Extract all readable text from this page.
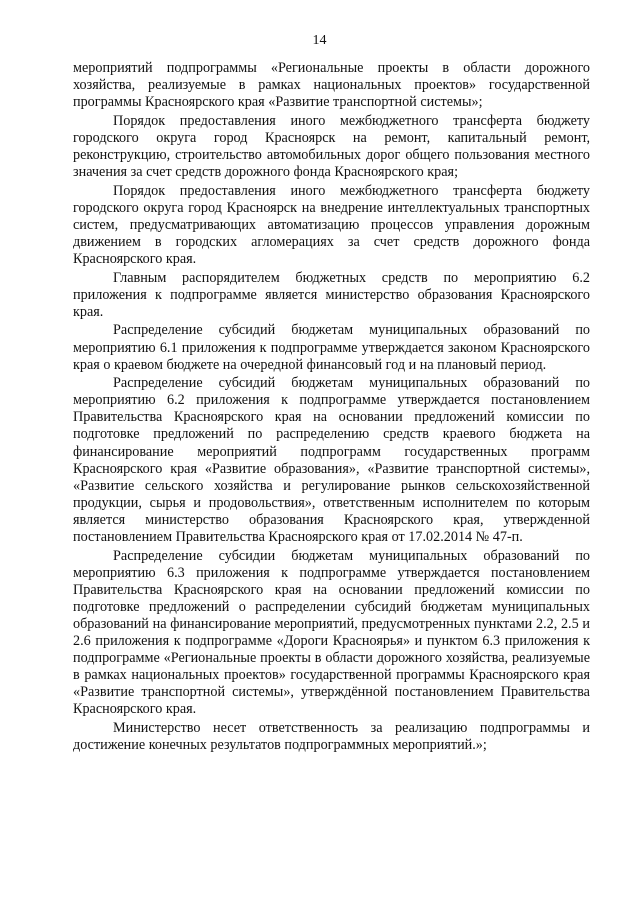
14

мероприятий подпрограммы «Региональные проекты в области дорожного хозяйства, реализуемые в рамках национальных проектов» государственной программы Красноярского края «Развитие транспортной системы»;

Порядок предоставления иного межбюджетного трансферта бюджету городского округа город Красноярск на ремонт, капитальный ремонт, реконструкцию, строительство автомобильных дорог общего пользования местного значения за счет средств дорожного фонда Красноярского края;

Порядок предоставления иного межбюджетного трансферта бюджету городского округа город Красноярск на внедрение интеллектуальных транспортных систем, предусматривающих автоматизацию процессов управления дорожным движением в городских агломерациях за счет средств дорожного фонда Красноярского края.

Главным распорядителем бюджетных средств по мероприятию 6.2 приложения к подпрограмме является министерство образования Красноярского края.

Распределение субсидий бюджетам муниципальных образований по мероприятию 6.1 приложения к подпрограмме утверждается законом Красноярского края о краевом бюджете на очередной финансовый год и на плановый период.

Распределение субсидий бюджетам муниципальных образований по мероприятию 6.2 приложения к подпрограмме утверждается постановлением Правительства Красноярского края на основании предложений комиссии по подготовке предложений по распределению средств краевого бюджета на финансирование мероприятий подпрограмм государственных программ Красноярского края «Развитие образования», «Развитие транспортной системы», «Развитие сельского хозяйства и регулирование рынков сельскохозяйственной продукции, сырья и продовольствия», ответственным исполнителем по которым является министерство образования Красноярского края, утвержденной постановлением Правительства Красноярского края от 17.02.2014 № 47-п.

Распределение субсидии бюджетам муниципальных образований по мероприятию 6.3 приложения к подпрограмме утверждается постановлением Правительства Красноярского края на основании предложений комиссии по подготовке предложений о распределении субсидий бюджетам муниципальных образований на финансирование мероприятий, предусмотренных пунктами 2.2, 2.5 и 2.6 приложения к подпрограмме «Дороги Красноярья» и пунктом 6.3 приложения к подпрограмме «Региональные проекты в области дорожного хозяйства, реализуемые в рамках национальных проектов» государственной программы Красноярского края «Развитие транспортной системы», утверждённой постановлением Правительства Красноярского края.

Министерство несет ответственность за реализацию подпрограммы и достижение конечных результатов подпрограммных мероприятий.»;
